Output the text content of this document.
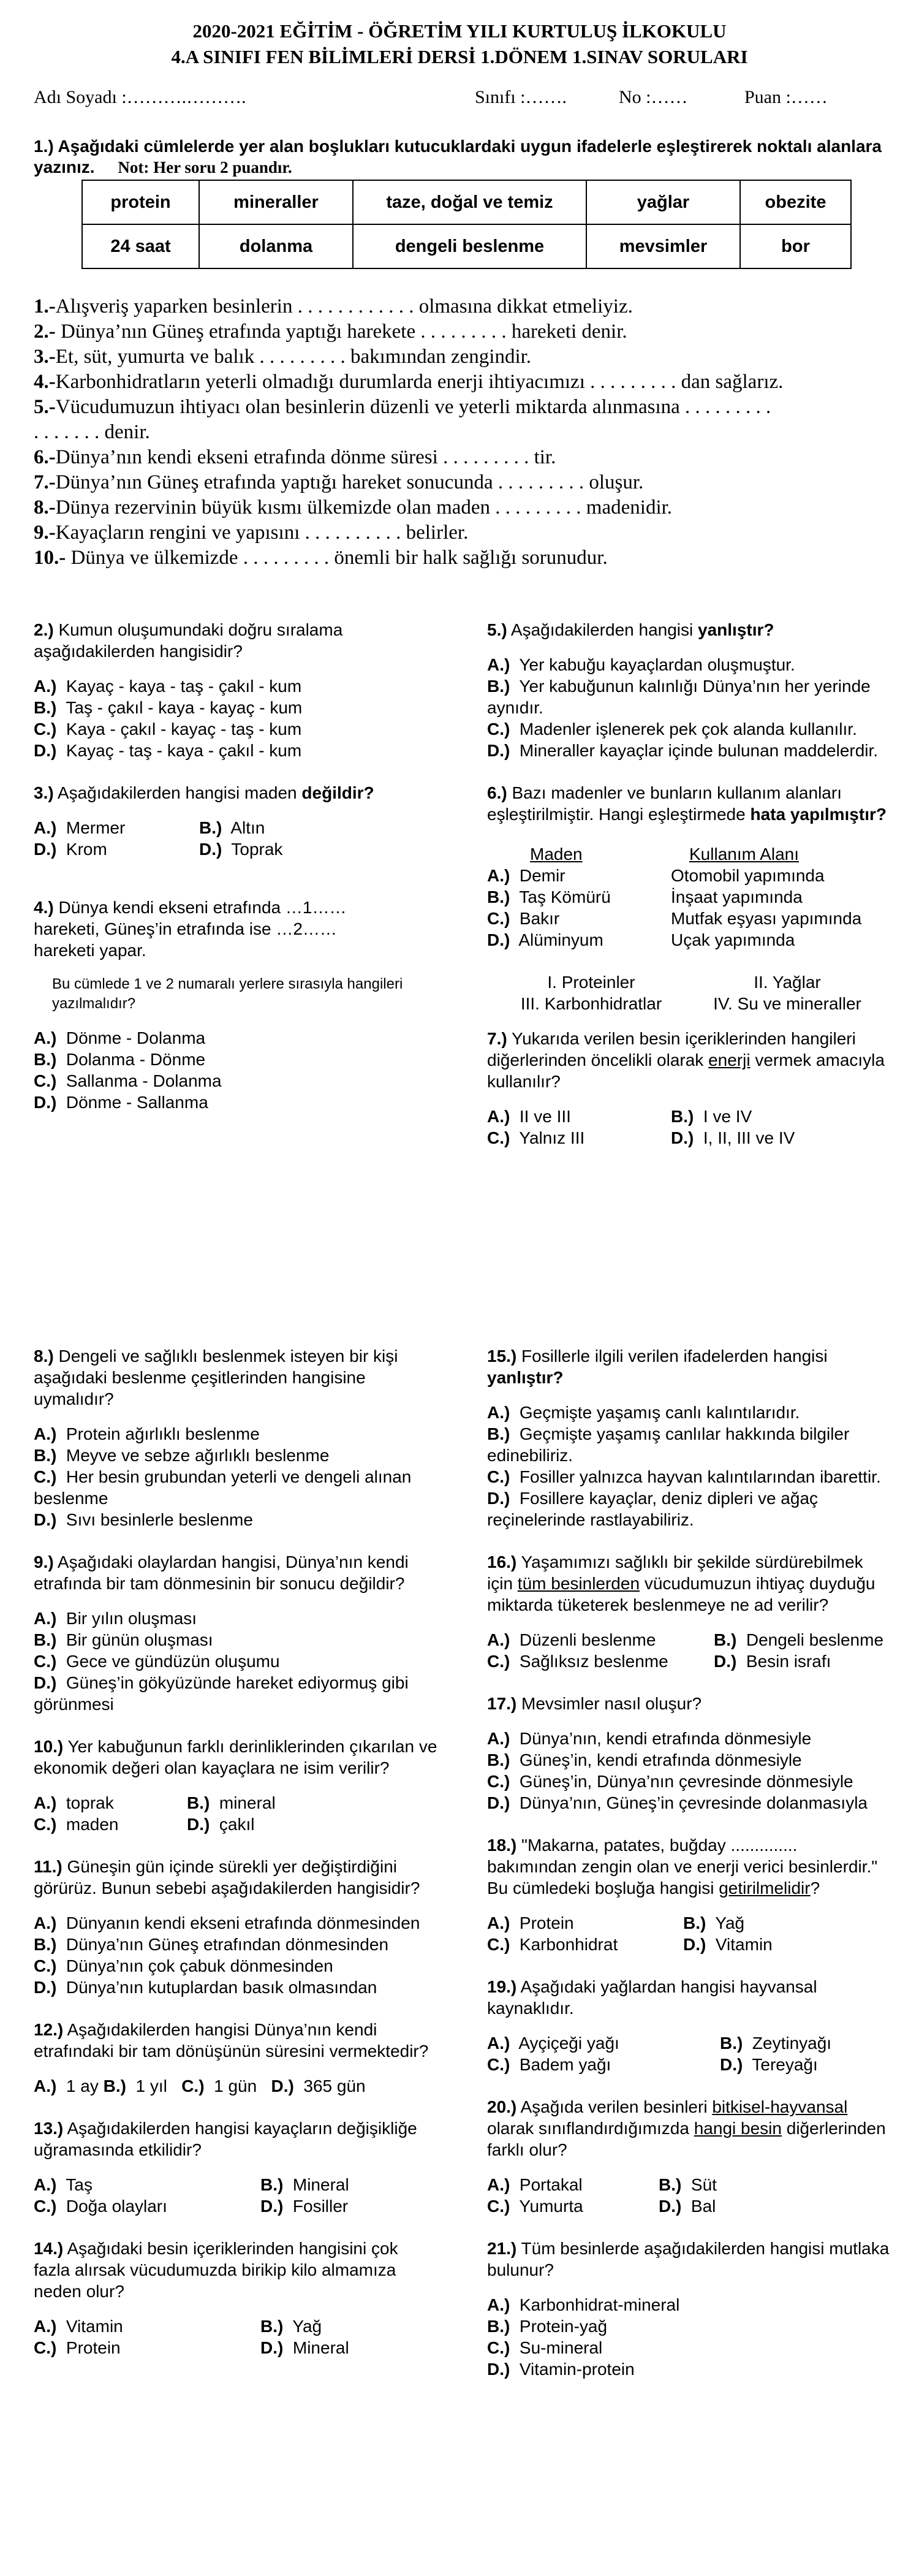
2020-2021 EĞİTİM - ÖĞRETİM YILI KURTULUŞ İLKOKULU
4.A SINIFI FEN BİLİMLERİ DERSİ 1.DÖNEM 1.SINAV SORULARI
Adı Soyadı :……….……….	Sınıfı :…….	No :……	Puan :……
1.) Aşağıdaki cümlelerde yer alan boşlukları kutucuklardaki uygun ifadelerle eşleştirerek noktalı alanlara yazınız. Not: Her soru 2 puandır.
protein	mineraller	taze, doğal ve temiz	yağlar	obezite
24 saat	dolanma	dengeli beslenme	mevsimler	bor
1.-Alışveriş yaparken besinlerin . . . . . . . . . . . . olmasına dikkat etmeliyiz.
2.- Dünya’nın Güneş etrafında yaptığı harekete . . . . . . . . . hareketi denir.
3.-Et, süt, yumurta ve balık . . . . . . . . . bakımından zengindir.
4.-Karbonhidratların yeterli olmadığı durumlarda enerji ihtiyacımızı . . . . . . . . . dan sağlarız.
5.-Vücudumuzun ihtiyacı olan besinlerin düzenli ve yeterli miktarda alınmasına . . . . . . . . .
. . . . . . . denir.
6.-Dünya’nın kendi ekseni etrafında dönme süresi . . . . . . . . . tir.
7.-Dünya’nın Güneş etrafında yaptığı hareket sonucunda . . . . . . . . . oluşur.
8.-Dünya rezervinin büyük kısmı ülkemizde olan maden . . . . . . . . . madenidir.
9.-Kayaçların rengini ve yapısını . . . . . . . . . . belirler.
10.- Dünya ve ülkemizde . . . . . . . . . önemli bir halk sağlığı sorunudur.
2.) Kumun oluşumundaki doğru sıralama aşağıdakilerden hangisidir?
A.) Kayaç - kaya - taş - çakıl - kum
B.) Taş - çakıl - kaya - kayaç - kum
C.) Kaya - çakıl - kayaç - taş - kum
D.) Kayaç - taş - kaya - çakıl - kum
3.) Aşağıdakilerden hangisi maden değildir?
A.) Mermer	B.) Altın
D.) Krom	D.) Toprak
4.) Dünya kendi ekseni etrafında …1……
hareketi, Güneş’in etrafında ise …2……
hareketi yapar.
Bu cümlede 1 ve 2 numaralı yerlere sırasıyla hangileri yazılmalıdır?
A.) Dönme - Dolanma
B.) Dolanma - Dönme
C.) Sallanma - Dolanma
D.) Dönme - Sallanma
5.) Aşağıdakilerden hangisi yanlıştır?
A.) Yer kabuğu kayaçlardan oluşmuştur.
B.) Yer kabuğunun kalınlığı Dünya’nın her yerinde aynıdır.
C.) Madenler işlenerek pek çok alanda kullanılır.
D.) Mineraller kayaçlar içinde bulunan maddelerdir.
6.) Bazı madenler ve bunların kullanım alanları eşleştirilmiştir. Hangi eşleştirmede hata yapılmıştır?
Maden	Kullanım Alanı
A.) Demir	Otomobil yapımında
B.) Taş Kömürü	İnşaat yapımında
C.) Bakır	Mutfak eşyası yapımında
D.) Alüminyum	Uçak yapımında
I. Proteinler	II. Yağlar
III. Karbonhidratlar	IV. Su ve mineraller
7.) Yukarıda verilen besin içeriklerinden hangileri diğerlerinden öncelikli olarak enerji vermek amacıyla kullanılır?
A.) II ve III	B.) I ve IV
C.) Yalnız III	D.) I, II, III ve IV
8.) Dengeli ve sağlıklı beslenmek isteyen bir kişi aşağıdaki beslenme çeşitlerinden hangisine uymalıdır?
A.) Protein ağırlıklı beslenme
B.) Meyve ve sebze ağırlıklı beslenme
C.) Her besin grubundan yeterli ve dengeli alınan beslenme
D.) Sıvı besinlerle beslenme
9.) Aşağıdaki olaylardan hangisi, Dünya’nın kendi etrafında bir tam dönmesinin bir sonucu değildir?
A.) Bir yılın oluşması
B.) Bir günün oluşması
C.) Gece ve gündüzün oluşumu
D.) Güneş’in gökyüzünde hareket ediyormuş gibi görünmesi
10.) Yer kabuğunun farklı derinliklerinden çıkarılan ve ekonomik değeri olan kayaçlara ne isim verilir?
A.) toprak	B.) mineral
C.) maden	D.) çakıl
11.) Güneşin gün içinde sürekli yer değiştirdiğini görürüz. Bunun sebebi aşağıdakilerden hangisidir?
A.) Dünyanın kendi ekseni etrafında dönmesinden
B.) Dünya’nın Güneş etrafından dönmesinden
C.) Dünya’nın çok çabuk dönmesinden
D.) Dünya’nın kutuplardan basık olmasından
12.) Aşağıdakilerden hangisi Dünya’nın kendi etrafındaki bir tam dönüşünün süresini vermektedir?
A.) 1 ay B.) 1 yıl C.) 1 gün D.) 365 gün
13.) Aşağıdakilerden hangisi kayaçların değişikliğe uğramasında etkilidir?
A.) Taş	B.) Mineral
C.) Doğa olayları	D.) Fosiller
14.) Aşağıdaki besin içeriklerinden hangisini çok fazla alırsak vücudumuzda birikip kilo almamıza neden olur?
A.) Vitamin	B.) Yağ
C.) Protein	D.) Mineral
15.) Fosillerle ilgili verilen ifadelerden hangisi yanlıştır?
A.) Geçmişte yaşamış canlı kalıntılarıdır.
B.) Geçmişte yaşamış canlılar hakkında bilgiler edinebiliriz.
C.) Fosiller yalnızca hayvan kalıntılarından ibarettir.
D.) Fosillere kayaçlar, deniz dipleri ve ağaç reçinelerinde rastlayabiliriz.
16.) Yaşamımızı sağlıklı bir şekilde sürdürebilmek için tüm besinlerden vücudumuzun ihtiyaç duyduğu miktarda tüketerek beslenmeye ne ad verilir?
A.) Düzenli beslenme	B.) Dengeli beslenme
C.) Sağlıksız beslenme	D.) Besin israfı
17.) Mevsimler nasıl oluşur?
A.) Dünya’nın, kendi etrafında dönmesiyle
B.) Güneş’in, kendi etrafında dönmesiyle
C.) Güneş’in, Dünya’nın çevresinde dönmesiyle
D.) Dünya’nın, Güneş’in çevresinde dolanmasıyla
18.) "Makarna, patates, buğday .............. bakımından zengin olan ve enerji verici besinlerdir." Bu cümledeki boşluğa hangisi getirilmelidir?
A.) Protein	B.) Yağ
C.) Karbonhidrat	D.) Vitamin
19.) Aşağıdaki yağlardan hangisi hayvansal kaynaklıdır.
A.) Ayçiçeği yağı	B.) Zeytinyağı
C.) Badem yağı	D.) Tereyağı
20.) Aşağıda verilen besinleri bitkisel-hayvansal olarak sınıflandırdığımızda hangi besin diğerlerinden farklı olur?
A.) Portakal	B.) Süt
C.) Yumurta	D.) Bal
21.) Tüm besinlerde aşağıdakilerden hangisi mutlaka bulunur?
A.) Karbonhidrat-mineral
B.) Protein-yağ
C.) Su-mineral
D.) Vitamin-protein
